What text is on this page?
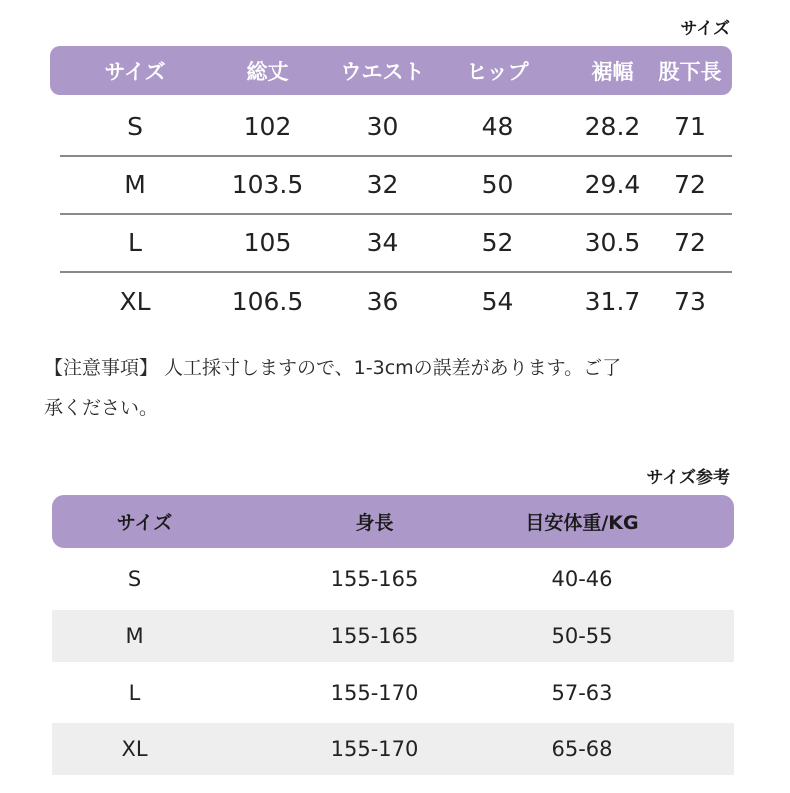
サイズ
サイズ	総丈	ウエスト	ヒップ	裾幅	股下長
S	102	30	48	28.2	71
M	103.5	32	50	29.4	72
L	105	34	52	30.5	72
XL	106.5	36	54	31.7	73

【注意事項】 人工採寸しますので、1-3cmの誤差があります。ご了
承ください。

サイズ参考
サイズ	身長	目安体重/KG
S	155-165	40-46
M	155-165	50-55
L	155-170	57-63
XL	155-170	65-68
